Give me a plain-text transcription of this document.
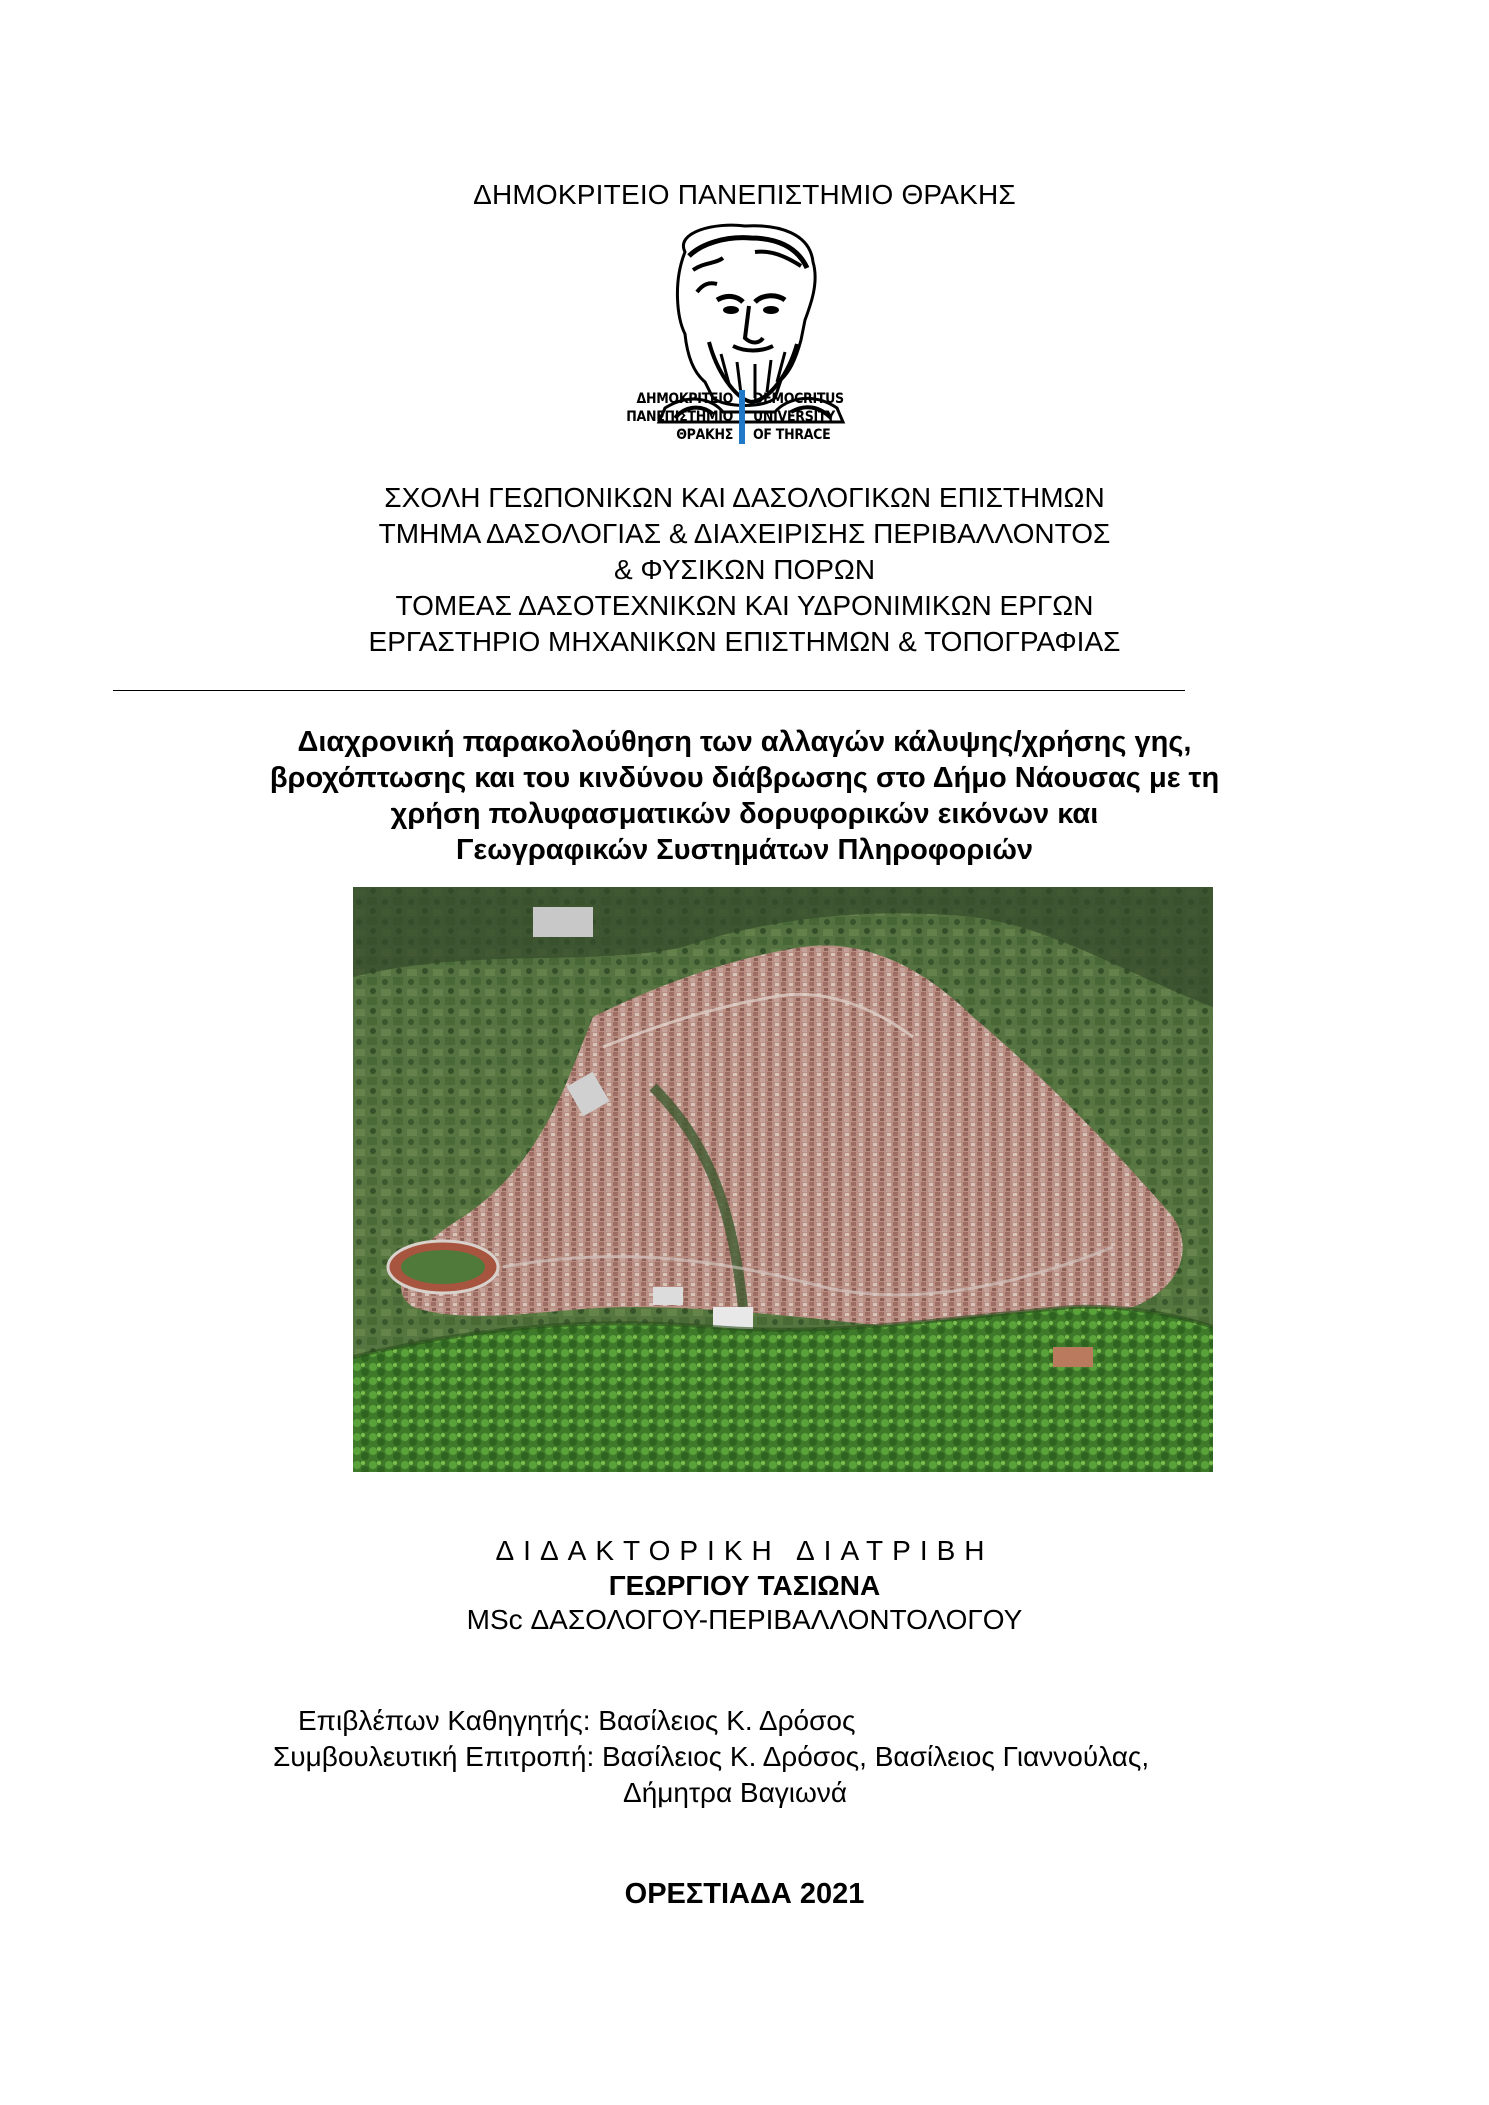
ΔΗΜΟΚΡΙΤΕΙΟ ΠΑΝΕΠΙΣΤΗΜΙΟ ΘΡΑΚΗΣ
ΔΗΜΟΚΡΙΤΕΙΟ
ΠΑΝΕΠΙΣΤΗΜΙΟ
ΘΡΑΚΗΣ
DEMOCRITUS
UNIVERSITY
OF THRACE
ΣΧΟΛΗ ΓΕΩΠΟΝΙΚΩΝ ΚΑΙ ΔΑΣΟΛΟΓΙΚΩΝ ΕΠΙΣΤΗΜΩΝ
ΤΜΗΜΑ ΔΑΣΟΛΟΓΙΑΣ & ΔΙΑΧΕΙΡΙΣΗΣ ΠΕΡΙΒΑΛΛΟΝΤΟΣ
& ΦΥΣΙΚΩΝ ΠΟΡΩΝ
ΤΟΜΕΑΣ ΔΑΣΟΤΕΧΝΙΚΩΝ ΚΑΙ ΥΔΡΟΝΙΜΙΚΩΝ ΕΡΓΩΝ
ΕΡΓΑΣΤΗΡΙΟ ΜΗΧΑΝΙΚΩΝ ΕΠΙΣΤΗΜΩΝ & ΤΟΠΟΓΡΑΦΙΑΣ
Διαχρονική παρακολούθηση των αλλαγών κάλυψης/χρήσης γης,
βροχόπτωσης και του κινδύνου διάβρωσης στο Δήμο Νάουσας με τη
χρήση πολυφασματικών δορυφορικών εικόνων και
Γεωγραφικών Συστημάτων Πληροφοριών
ΔΙΔΑΚΤΟΡΙΚΗ ΔΙΑΤΡΙΒΗ
ΓΕΩΡΓΙΟΥ ΤΑΣΙΩΝΑ
MSc ΔΑΣΟΛΟΓΟΥ-ΠΕΡΙΒΑΛΛΟΝΤΟΛΟΓΟΥ
Επιβλέπων Καθηγητής: Βασίλειος Κ. Δρόσος
Συμβουλευτική Επιτροπή: Βασίλειος Κ. Δρόσος, Βασίλειος Γιαννούλας,
Δήμητρα Βαγιωνά
ΟΡΕΣΤΙΑΔΑ 2021
